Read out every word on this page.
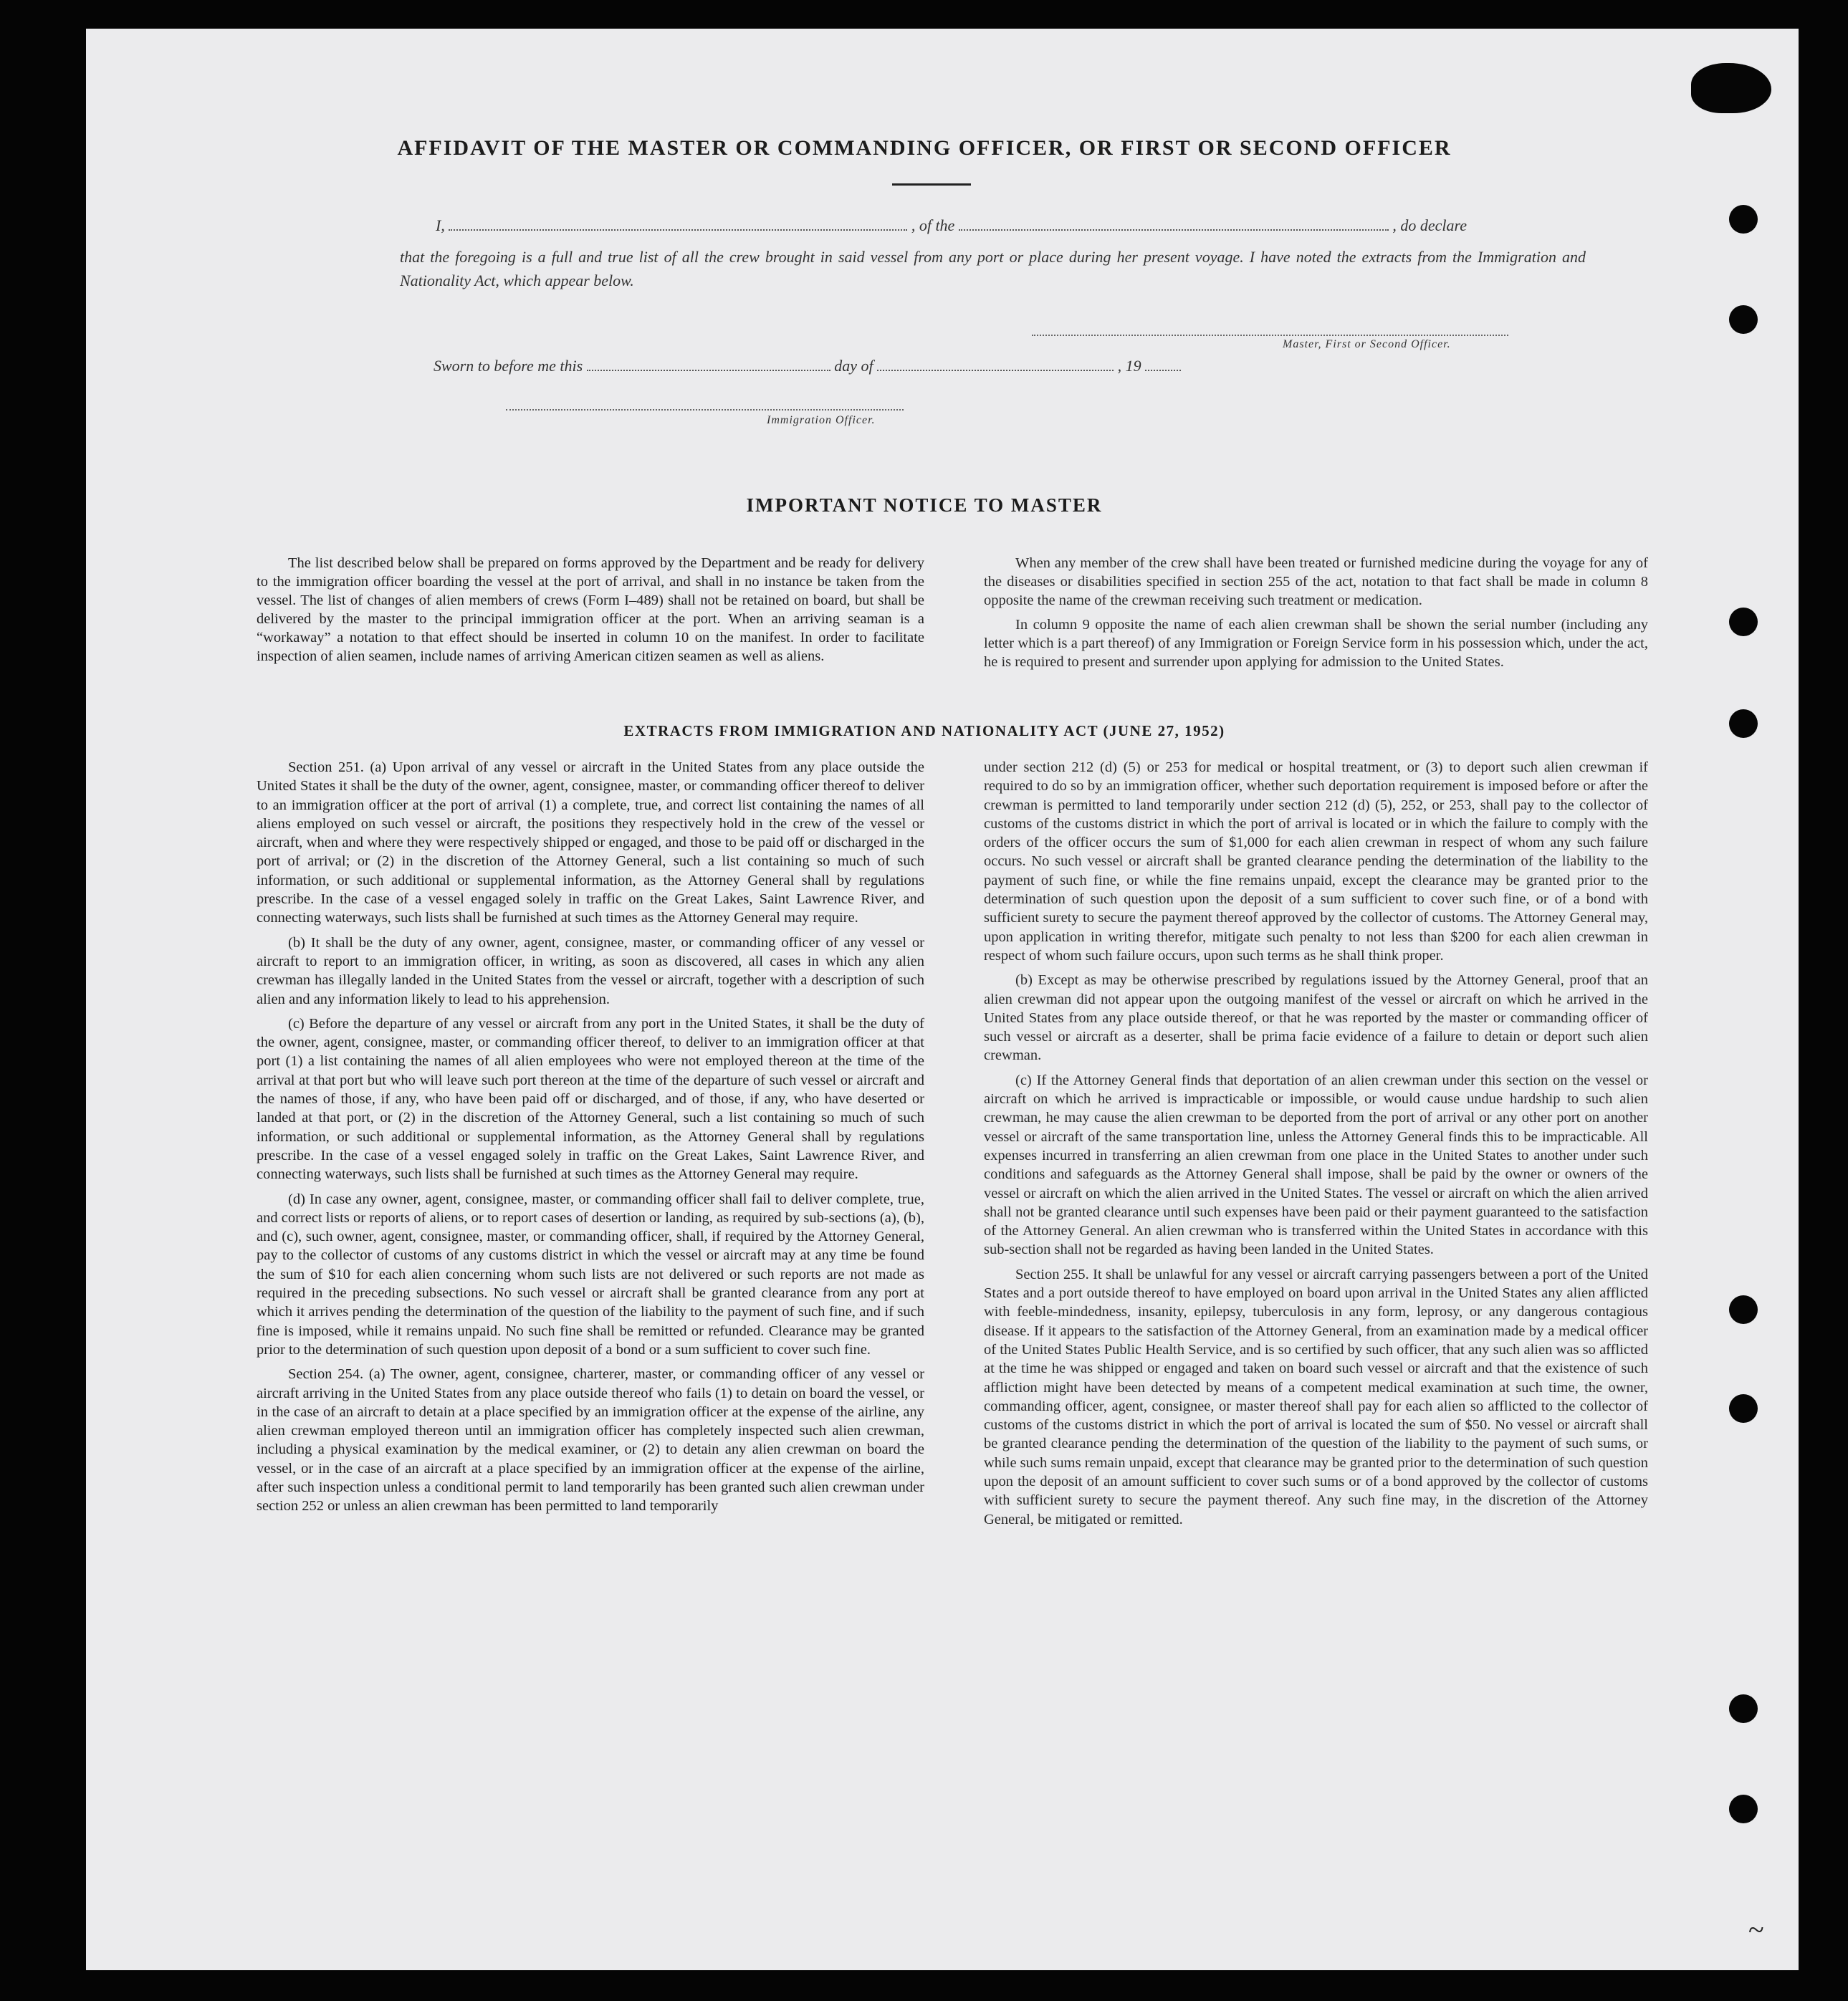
AFFIDAVIT OF THE MASTER OR COMMANDING OFFICER, OR FIRST OR SECOND OFFICER
I,	, of the	, do declare
that the foregoing is a full and true list of all the crew brought in said vessel from any port or place during her present voyage. I have noted the extracts from the Immigration and Nationality Act, which appear below.
Master, First or Second Officer.
Sworn to before me this	day of	, 19
Immigration Officer.
IMPORTANT NOTICE TO MASTER

The list described below shall be prepared on forms approved by the Department and be ready for delivery to the immigration officer boarding the vessel at the port of arrival, and shall in no instance be taken from the vessel. The list of changes of alien members of crews (Form I–489) shall not be retained on board, but shall be delivered by the master to the principal immigration officer at the port. When an arriving seaman is a “workaway” a notation to that effect should be inserted in column 10 on the manifest. In order to facilitate inspection of alien seamen, include names of arriving American citizen seamen as well as aliens.

When any member of the crew shall have been treated or furnished medicine during the voyage for any of the diseases or disabilities specified in section 255 of the act, notation to that fact shall be made in column 8 opposite the name of the crewman receiving such treatment or medication.

In column 9 opposite the name of each alien crewman shall be shown the serial number (including any letter which is a part thereof) of any Immigration or Foreign Service form in his possession which, under the act, he is required to present and surrender upon applying for admission to the United States.

EXTRACTS FROM IMMIGRATION AND NATIONALITY ACT (JUNE 27, 1952)

Section 251. (a) Upon arrival of any vessel or aircraft in the United States from any place outside the United States it shall be the duty of the owner, agent, consignee, master, or commanding officer thereof to deliver to an immigration officer at the port of arrival (1) a complete, true, and correct list containing the names of all aliens employed on such vessel or aircraft, the positions they respectively hold in the crew of the vessel or aircraft, when and where they were respectively shipped or engaged, and those to be paid off or discharged in the port of arrival; or (2) in the discretion of the Attorney General, such a list containing so much of such information, or such additional or supplemental information, as the Attorney General shall by regulations prescribe. In the case of a vessel engaged solely in traffic on the Great Lakes, Saint Lawrence River, and connecting waterways, such lists shall be furnished at such times as the Attorney General may require.

(b) It shall be the duty of any owner, agent, consignee, master, or commanding officer of any vessel or aircraft to report to an immigration officer, in writing, as soon as discovered, all cases in which any alien crewman has illegally landed in the United States from the vessel or aircraft, together with a description of such alien and any information likely to lead to his apprehension.

(c) Before the departure of any vessel or aircraft from any port in the United States, it shall be the duty of the owner, agent, consignee, master, or commanding officer thereof, to deliver to an immigration officer at that port (1) a list containing the names of all alien employees who were not employed thereon at the time of the arrival at that port but who will leave such port thereon at the time of the departure of such vessel or aircraft and the names of those, if any, who have been paid off or discharged, and of those, if any, who have deserted or landed at that port, or (2) in the discretion of the Attorney General, such a list containing so much of such information, or such additional or supplemental information, as the Attorney General shall by regulations prescribe. In the case of a vessel engaged solely in traffic on the Great Lakes, Saint Lawrence River, and connecting waterways, such lists shall be furnished at such times as the Attorney General may require.

(d) In case any owner, agent, consignee, master, or commanding officer shall fail to deliver complete, true, and correct lists or reports of aliens, or to report cases of desertion or landing, as required by sub-sections (a), (b), and (c), such owner, agent, consignee, master, or commanding officer, shall, if required by the Attorney General, pay to the collector of customs of any customs district in which the vessel or aircraft may at any time be found the sum of $10 for each alien concerning whom such lists are not delivered or such reports are not made as required in the preceding subsections. No such vessel or aircraft shall be granted clearance from any port at which it arrives pending the determination of the question of the liability to the payment of such fine, and if such fine is imposed, while it remains unpaid. No such fine shall be remitted or refunded. Clearance may be granted prior to the determination of such question upon deposit of a bond or a sum sufficient to cover such fine.

Section 254. (a) The owner, agent, consignee, charterer, master, or commanding officer of any vessel or aircraft arriving in the United States from any place outside thereof who fails (1) to detain on board the vessel, or in the case of an aircraft to detain at a place specified by an immigration officer at the expense of the airline, any alien crewman employed thereon until an immigration officer has completely inspected such alien crewman, including a physical examination by the medical examiner, or (2) to detain any alien crewman on board the vessel, or in the case of an aircraft at a place specified by an immigration officer at the expense of the airline, after such inspection unless a conditional permit to land temporarily has been granted such alien crewman under section 252 or unless an alien crewman has been permitted to land temporarily

under section 212 (d) (5) or 253 for medical or hospital treatment, or (3) to deport such alien crewman if required to do so by an immigration officer, whether such deportation requirement is imposed before or after the crewman is permitted to land temporarily under section 212 (d) (5), 252, or 253, shall pay to the collector of customs of the customs district in which the port of arrival is located or in which the failure to comply with the orders of the officer occurs the sum of $1,000 for each alien crewman in respect of whom any such failure occurs. No such vessel or aircraft shall be granted clearance pending the determination of the liability to the payment of such fine, or while the fine remains unpaid, except the clearance may be granted prior to the determination of such question upon the deposit of a sum sufficient to cover such fine, or of a bond with sufficient surety to secure the payment thereof approved by the collector of customs. The Attorney General may, upon application in writing therefor, mitigate such penalty to not less than $200 for each alien crewman in respect of whom such failure occurs, upon such terms as he shall think proper.

(b) Except as may be otherwise prescribed by regulations issued by the Attorney General, proof that an alien crewman did not appear upon the outgoing manifest of the vessel or aircraft on which he arrived in the United States from any place outside thereof, or that he was reported by the master or commanding officer of such vessel or aircraft as a deserter, shall be prima facie evidence of a failure to detain or deport such alien crewman.

(c) If the Attorney General finds that deportation of an alien crewman under this section on the vessel or aircraft on which he arrived is impracticable or impossible, or would cause undue hardship to such alien crewman, he may cause the alien crewman to be deported from the port of arrival or any other port on another vessel or aircraft of the same transportation line, unless the Attorney General finds this to be impracticable. All expenses incurred in transferring an alien crewman from one place in the United States to another under such conditions and safeguards as the Attorney General shall impose, shall be paid by the owner or owners of the vessel or aircraft on which the alien arrived in the United States. The vessel or aircraft on which the alien arrived shall not be granted clearance until such expenses have been paid or their payment guaranteed to the satisfaction of the Attorney General. An alien crewman who is transferred within the United States in accordance with this sub-section shall not be regarded as having been landed in the United States.

Section 255. It shall be unlawful for any vessel or aircraft carrying passengers between a port of the United States and a port outside thereof to have employed on board upon arrival in the United States any alien afflicted with feeble-mindedness, insanity, epilepsy, tuberculosis in any form, leprosy, or any dangerous contagious disease. If it appears to the satisfaction of the Attorney General, from an examination made by a medical officer of the United States Public Health Service, and is so certified by such officer, that any such alien was so afflicted at the time he was shipped or engaged and taken on board such vessel or aircraft and that the existence of such affliction might have been detected by means of a competent medical examination at such time, the owner, commanding officer, agent, consignee, or master thereof shall pay for each alien so afflicted to the collector of customs of the customs district in which the port of arrival is located the sum of $50. No vessel or aircraft shall be granted clearance pending the determination of the question of the liability to the payment of such sums, or while such sums remain unpaid, except that clearance may be granted prior to the determination of such question upon the deposit of an amount sufficient to cover such sums or of a bond approved by the collector of customs with sufficient surety to secure the payment thereof. Any such fine may, in the discretion of the Attorney General, be mitigated or remitted.

~
